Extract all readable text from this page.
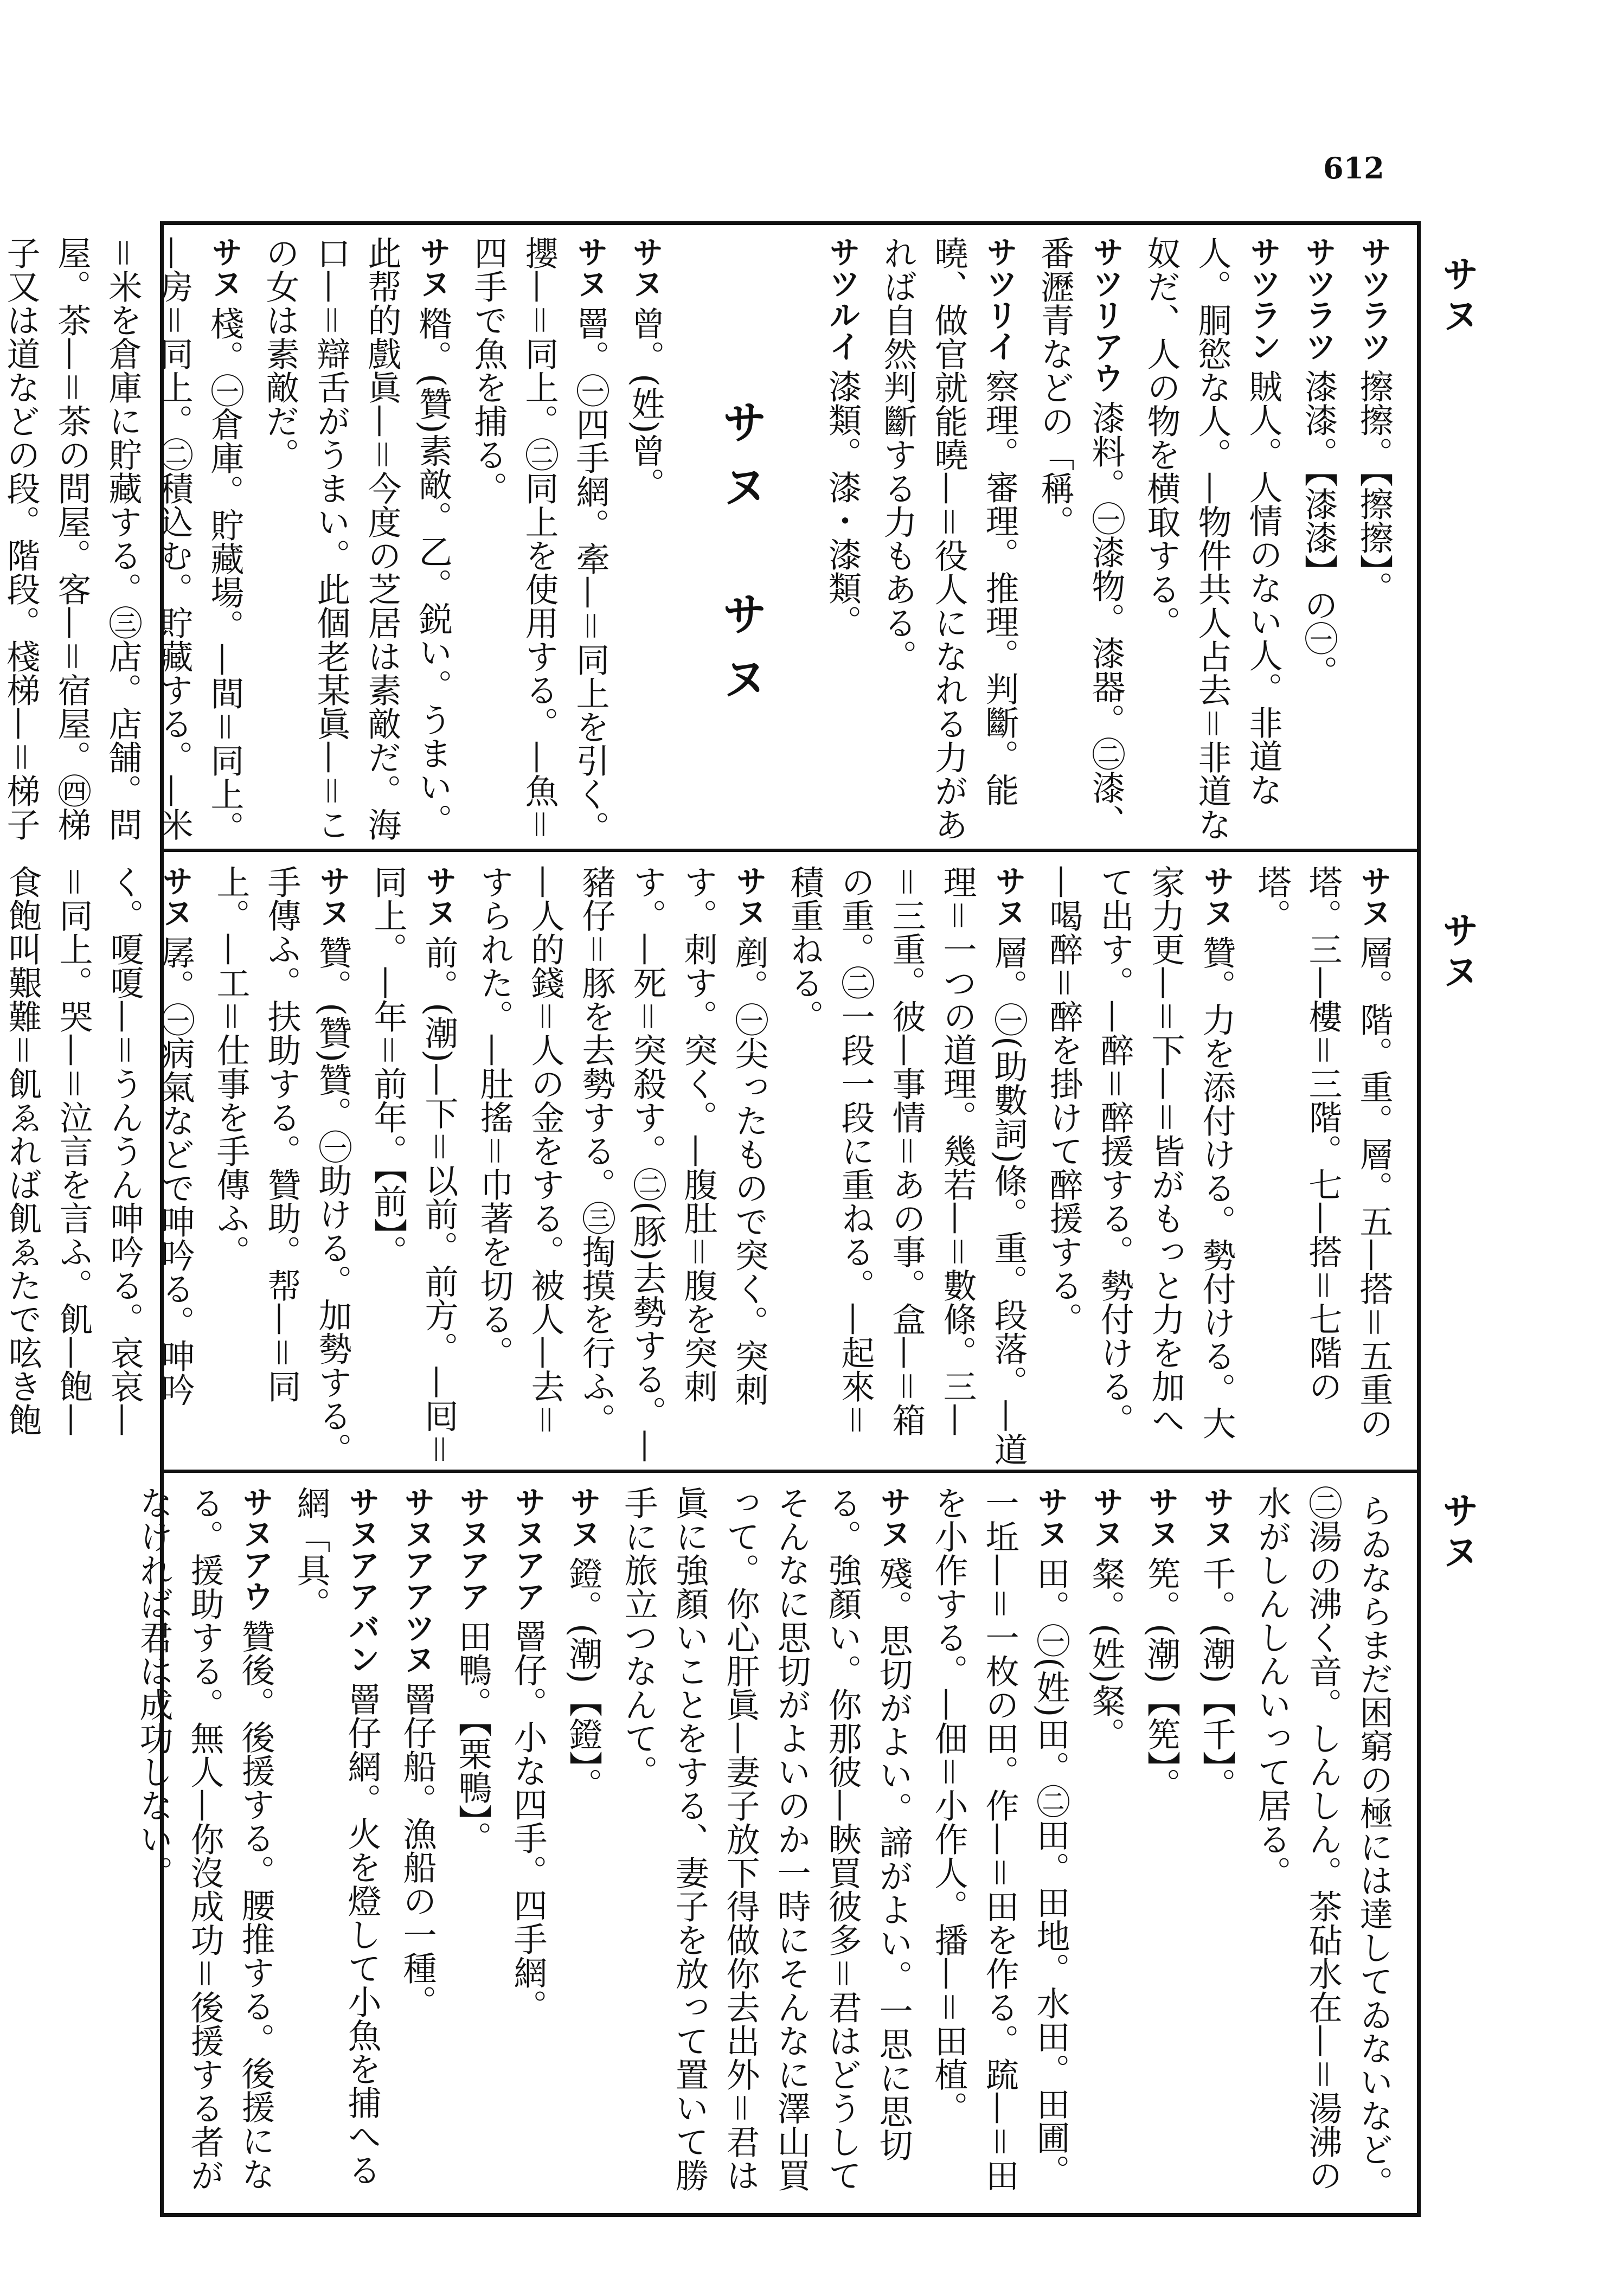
612
サヌ
サヌ
サヌ
サツラツ擦擦。【擦擦】。
サツラツ漆漆。【漆漆】の㊀。
サツラン賊人。人情のない人。非道な人。胴慾な人。—物件共人占去＝非道な奴だ、人の物を横取する。
サツリアウ漆料。㊀漆物。漆器。㊁漆、番瀝青などの「稱。
サツリイ察理。審理。推理。判斷。能曉、做官就能曉—＝役人になれる力があれば自然判斷する力もある。
サツルイ漆類。漆・漆類。
サヌ　サヌ
サヌ曾。(姓)曾。
サヌ罾。㊀四手網。牽—＝同上を引く。攖—＝同上。㊁同上を使用する。—魚＝四手で魚を捕る。
サヌ糌。(贊)素敵。乙。鋭い。うまい。此帮的戲眞—＝今度の芝居は素敵だ。海口—＝辯舌がうまい。此個老某眞—＝この女は素敵だ。
サヌ棧。㊀倉庫。貯藏場。—間＝同上。—房＝同上。㊁積込む。貯藏する。—米＝米を倉庫に貯藏する。㊂店。店舗。問屋。茶—＝茶の問屋。客—＝宿屋。㊃梯子又は道などの段。階段。棧梯—＝梯子
サヌ層。階。重。層。五—搭＝五重の塔。三—樓＝三階。七—搭＝七階の塔。
サヌ贊。力を添付ける。勢付ける。大家力更—＝下—＝皆がもっと力を加へて出す。—醉＝醉援する。勢付ける。—喝醉＝醉を掛けて醉援する。
サヌ層。㊀(助數詞)條。重。段落。—道理＝一つの道理。幾若—＝數條。三—＝三重。彼—事情＝あの事。盒—＝箱の重。㊁一段一段に重ねる。—起來＝積重ねる。
サヌ剷。㊀尖ったもので突く。突刺す。刺す。突く。—腹肚＝腹を突刺す。—死＝突殺す。㊁(豚)去勢する。—豬仔＝豚を去勢する。㊂掏摸を行ふ。—人的錢＝人の金をする。被人—去＝すられた。—肚搖＝巾著を切る。
サヌ前。(潮)—下＝以前。前方。—囘＝同上。—年＝前年。【前】。
サヌ贊。(贊)贊。㊀助ける。加勢する。手傳ふ。扶助する。贊助。帮—＝同上。—工＝仕事を手傳ふ。
サヌ孱。㊀病氣などで呻吟る。呻吟く。嗄嗄—＝うんうん呻吟る。哀哀—＝同上。哭—＝泣言を言ふ。飢—飽—食飽叫艱難＝飢ゑれば飢ゑたで呟き飽
らゐならまだ困窮の極には達してゐないなど。㊁湯の沸く音。しんしん。茶砧水在—＝湯沸の水がしんしんいって居る。
サヌ千。(潮)【千】。
サヌ筅。(潮)【筅】。
サヌ粲。(姓)粲。
サヌ田。㊀(姓)田。㊁田。田地。水田。田圃。一坵—＝一枚の田。作—＝田を作る。䟽—＝田を小作する。—佃＝小作人。播—＝田植。
サヌ殘。思切がよい。諦がよい。一思に思切る。強顏い。你那彼—䀹買彼多＝君はどうしてそんなに思切がよいのか一時にそんなに澤山買って。你心肝眞—妻子放下得做你去出外＝君は眞に強顏いことをする、妻子を放って置いて勝手に旅立つなんて。
サヌ鐙。(潮)【鐙】。
サヌアア罾仔。小な四手。四手網。
サヌアア田鴨。【栗鴨】。
サヌアアツヌ罾仔船。漁船の一種。
サヌアアバン罾仔網。火を燈して小魚を捕へる網「具。
サヌアウ贊後。後援する。腰推する。後援になる。援助する。無人—你沒成功＝後援する者がなければ君は成功しない。
